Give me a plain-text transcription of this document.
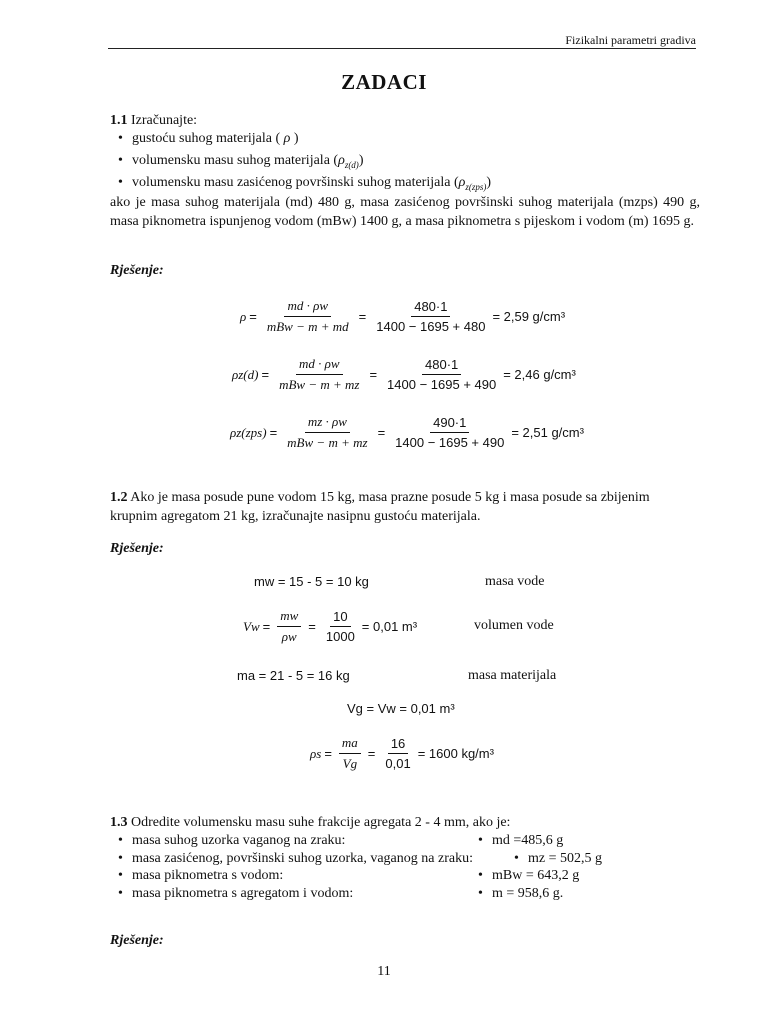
Fizikalni parametri gradiva
ZADACI
1.1 Izračunajte:
• gustoću suhog materijala ( ρ )
• volumensku masu suhog materijala $(\rho_{z(d)})$
• volumensku masu zasićenog površinski suhog materijala $(\rho_{z(zps)})$
ako je masa suhog materijala (md) 480 g, masa zasićenog površinski suhog materijala (mzps) 490 g, masa piknometra ispunjenog vodom (mBw) 1400 g, a masa piknometra s pijeskom i vodom (m) 1695 g.
Rješenje:
$\rho = \frac{md \cdot \rho w}{\text{mBw − m + md}} = \frac{480\cdot 1}{1400 - 1695 + 480} = 2,59$ g/cm³
$\rho z(d) = \frac{md \cdot \rho w}{\text{mBw − m + mz}} = \frac{480\cdot 1}{1400 - 1695 + 490} = 2,46$ g/cm³
$\rho z(zps) = \frac{mz \cdot \rho w}{\text{mBw − m + mz}} = \frac{490\cdot 1}{1400 - 1695 + 490} = 2,51$ g/cm³
1.2 Ako je masa posude pune vodom 15 kg, masa prazne posude 5 kg i masa posude sa zbijenim krupnim agregatom 21 kg, izračunajte nasipnu gustoću materijala.
Rješenje:
mw = 15 - 5 = 10 kg	masa vode
$Vw = \frac{mw}{\rho w} = \frac{10}{1000} = 0,01$ m³	volumen vode
ma = 21 - 5 = 16 kg	masa materijala
Vg = Vw = 0,01 m³
$\rho s = \frac{ma}{Vg} = \frac{16}{0,01} = 1600$ kg/m³
1.3 Odredite volumensku masu suhe frakcije agregata 2 - 4 mm, ako je:
• masa suhog uzorka vaganog na zraku:	• md =485,6 g
• masa zasićenog, površinski suhog uzorka, vaganog na zraku:	• mz = 502,5 g
• masa piknometra s vodom:	• mBw = 643,2 g
• masa piknometra s agregatom i vodom:	• m = 958,6 g.
Rješenje:
11
